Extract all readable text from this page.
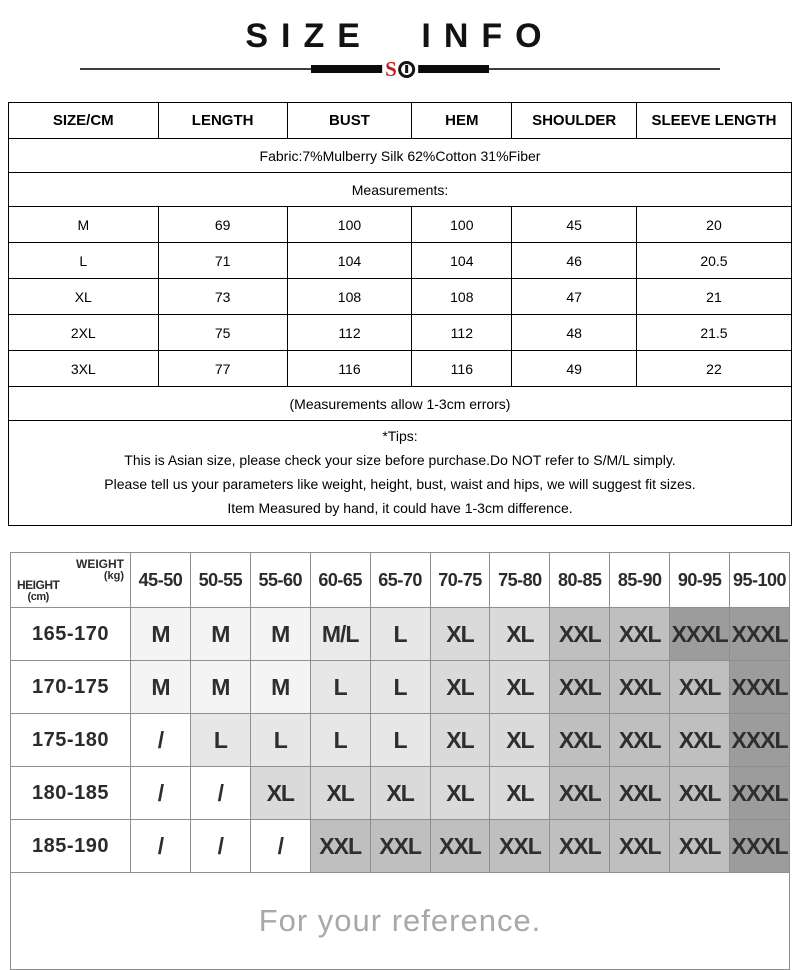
SIZE INFO
S
Fabric:7%Mulberry Silk 62%Cotton 31%Fiber					
Measurements:					
SIZE/CM	LENGTH	BUST	HEM	SHOULDER	SLEEVE LENGTH
M	69	100	100	45	20
L	71	104	104	46	20.5
XL	73	108	108	47	21
2XL	75	112	112	48	21.5
3XL	77	116	116	49	22
(Measurements allow 1-3cm errors)					

*Tips:

This is Asian size, please check your size before purchase.Do NOT refer to S/M/L simply.

Please tell us your parameters like weight, height, bust, waist and hips, we will suggest fit sizes.

Item Measured by hand, it could have 1-3cm difference.					

WEIGHT
(kg)
HEIGHT
(cm)	45-50	50-55	55-60	60-65	65-70	70-75	75-80	80-85	85-90	90-95	95-100
165-170	M	M	M	M/L	L	XL	XL	XXL	XXL	XXXL	XXXL
170-175	M	M	M	L	L	XL	XL	XXL	XXL	XXL	XXXL
175-180	/	L	L	L	L	XL	XL	XXL	XXL	XXL	XXXL
180-185	/	/	XL	XL	XL	XL	XL	XXL	XXL	XXL	XXXL
185-190	/	/	/	XXL	XXL	XXL	XXL	XXL	XXL	XXL	XXXL
For your reference.											
